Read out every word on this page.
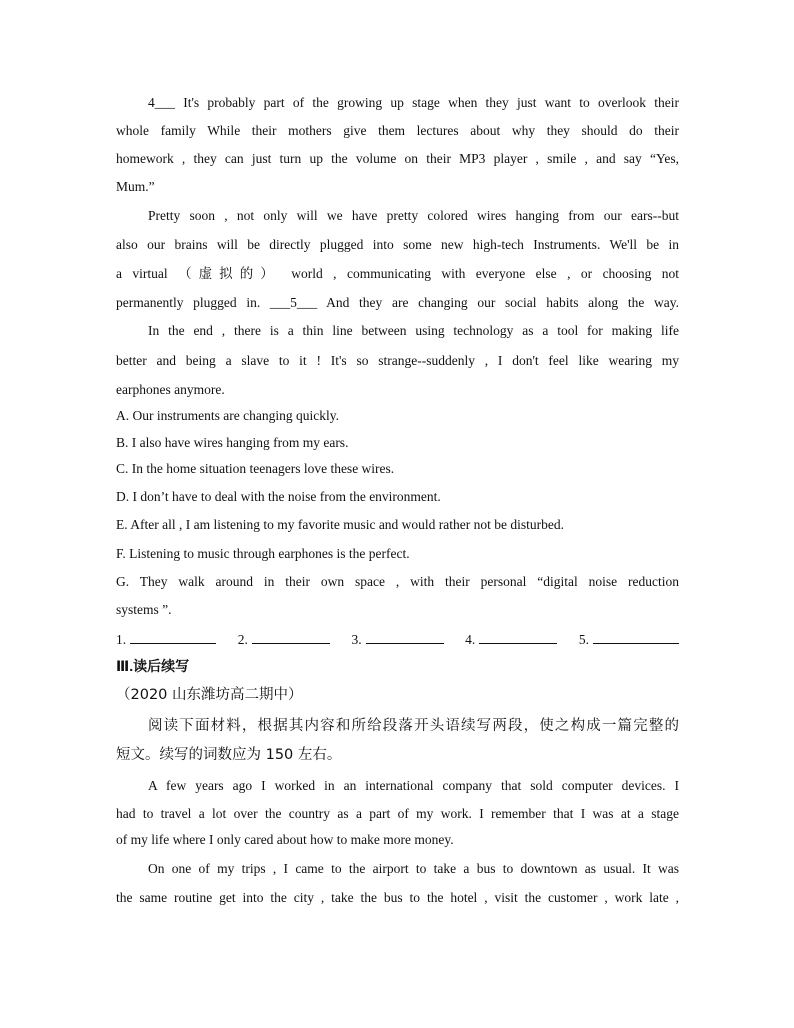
4___ It's probably part of the growing up stage when they just want to overlook their
whole family While their mothers give them lectures about why they should do their
homework , they can just turn up the volume on their MP3 player , smile , and say “Yes,
Mum.”
Pretty soon , not only will we have pretty colored wires hanging from our ears--but
also our brains will be directly plugged into some new high-tech Instruments. We'll be in
a virtual （虚拟的） world , communicating with everyone else , or choosing not
permanently plugged in. ___5___ And they are changing our social habits along the way.
In the end , there is a thin line between using technology as a tool for making life
better and being a slave to it ! It's so strange--suddenly , I don't feel like wearing my
earphones anymore.
A. Our instruments are changing quickly.
B. I also have wires hanging from my ears.
C. In the home situation teenagers love these wires.
D. I don’t have to deal with the noise from the environment.
E. After all , I am listening to my favorite music and would rather not be disturbed.
F. Listening to music through earphones is the perfect.
G. They walk around in their own space , with their personal “digital noise reduction
systems ”.
1.	2.	3.	4.	5.
Ⅲ.读后续写
（2020 山东潍坊高二期中）
阅读下面材料，根据其内容和所给段落开头语续写两段，使之构成一篇完整的
短文。续写的词数应为 150 左右。
A few years ago I worked in an international company that sold computer devices. I
had to travel a lot over the country as a part of my work. I remember that I was at a stage
of my life where I only cared about how to make more money.
On one of my trips , I came to the airport to take a bus to downtown as usual. It was
the same routine get into the city , take the bus to the hotel , visit the customer , work late ,
